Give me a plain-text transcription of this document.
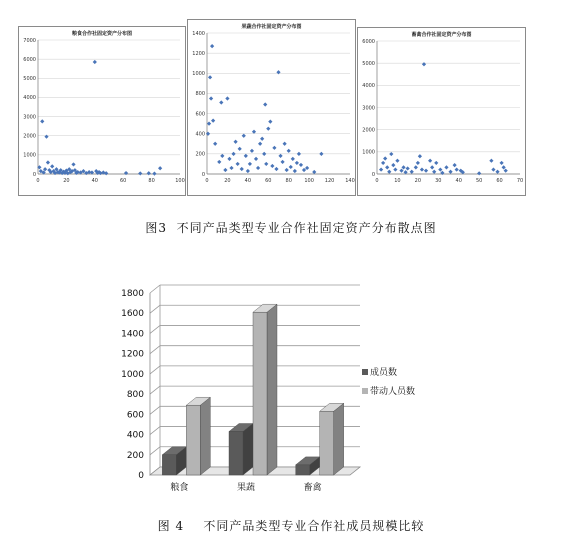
粮食合作社固定资产分布图
0
1000
2000
3000
4000
5000
6000
7000
0	20	40	60	80	100
果蔬合作社固定资产分布图
0
200
400
600
800
1000
1200
1400
0	20	40	60	80 100 120 140
畜禽合作社固定资产分布图
0
1000
2000
3000
4000
5000
6000
0	10	20	30	40	50	60	70
图3  不同产品类型专业合作社固定资产分布散点图
0
200
400
600
800
1000
1200
1400
1600
1800
粮食	果蔬	畜禽
成员数
带动人员数
图 4    不同产品类型专业合作社成员规模比较
